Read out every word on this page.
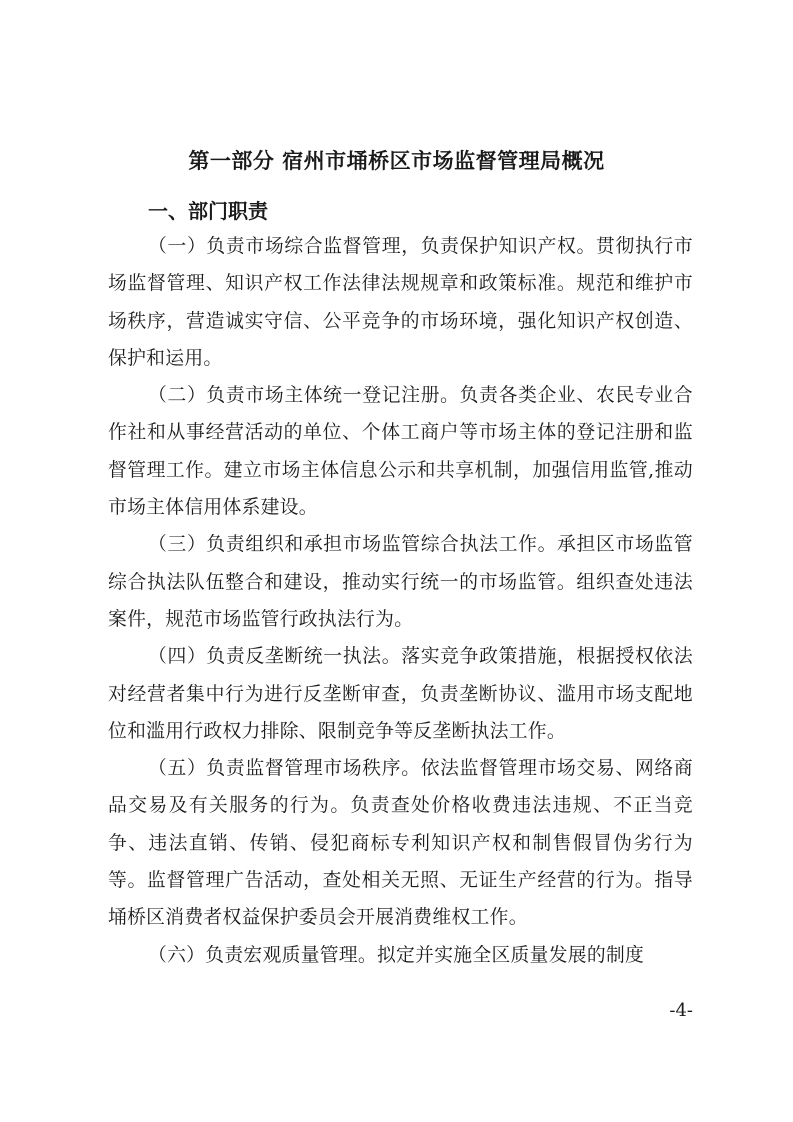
第一部分 宿州市埇桥区市场监督管理局概况
一、部门职责

（一）负责市场综合监督管理，负责保护知识产权。贯彻执行市场监督管理、知识产权工作法律法规规章和政策标准。规范和维护市场秩序，营造诚实守信、公平竞争的市场环境，强化知识产权创造、保护和运用。

（二）负责市场主体统一登记注册。负责各类企业、农民专业合作社和从事经营活动的单位、个体工商户等市场主体的登记注册和监督管理工作。建立市场主体信息公示和共享机制，加强信用监管,推动市场主体信用体系建设。

（三）负责组织和承担市场监管综合执法工作。承担区市场监管综合执法队伍整合和建设，推动实行统一的市场监管。组织查处违法案件，规范市场监管行政执法行为。

（四）负责反垄断统一执法。落实竞争政策措施，根据授权依法对经营者集中行为进行反垄断审查，负责垄断协议、滥用市场支配地位和滥用行政权力排除、限制竞争等反垄断执法工作。

（五）负责监督管理市场秩序。依法监督管理市场交易、网络商品交易及有关服务的行为。负责查处价格收费违法违规、不正当竞争、违法直销、传销、侵犯商标专利知识产权和制售假冒伪劣行为等。监督管理广告活动，查处相关无照、无证生产经营的行为。指导埇桥区消费者权益保护委员会开展消费维权工作。

（六）负责宏观质量管理。拟定并实施全区质量发展的制度

-4-
